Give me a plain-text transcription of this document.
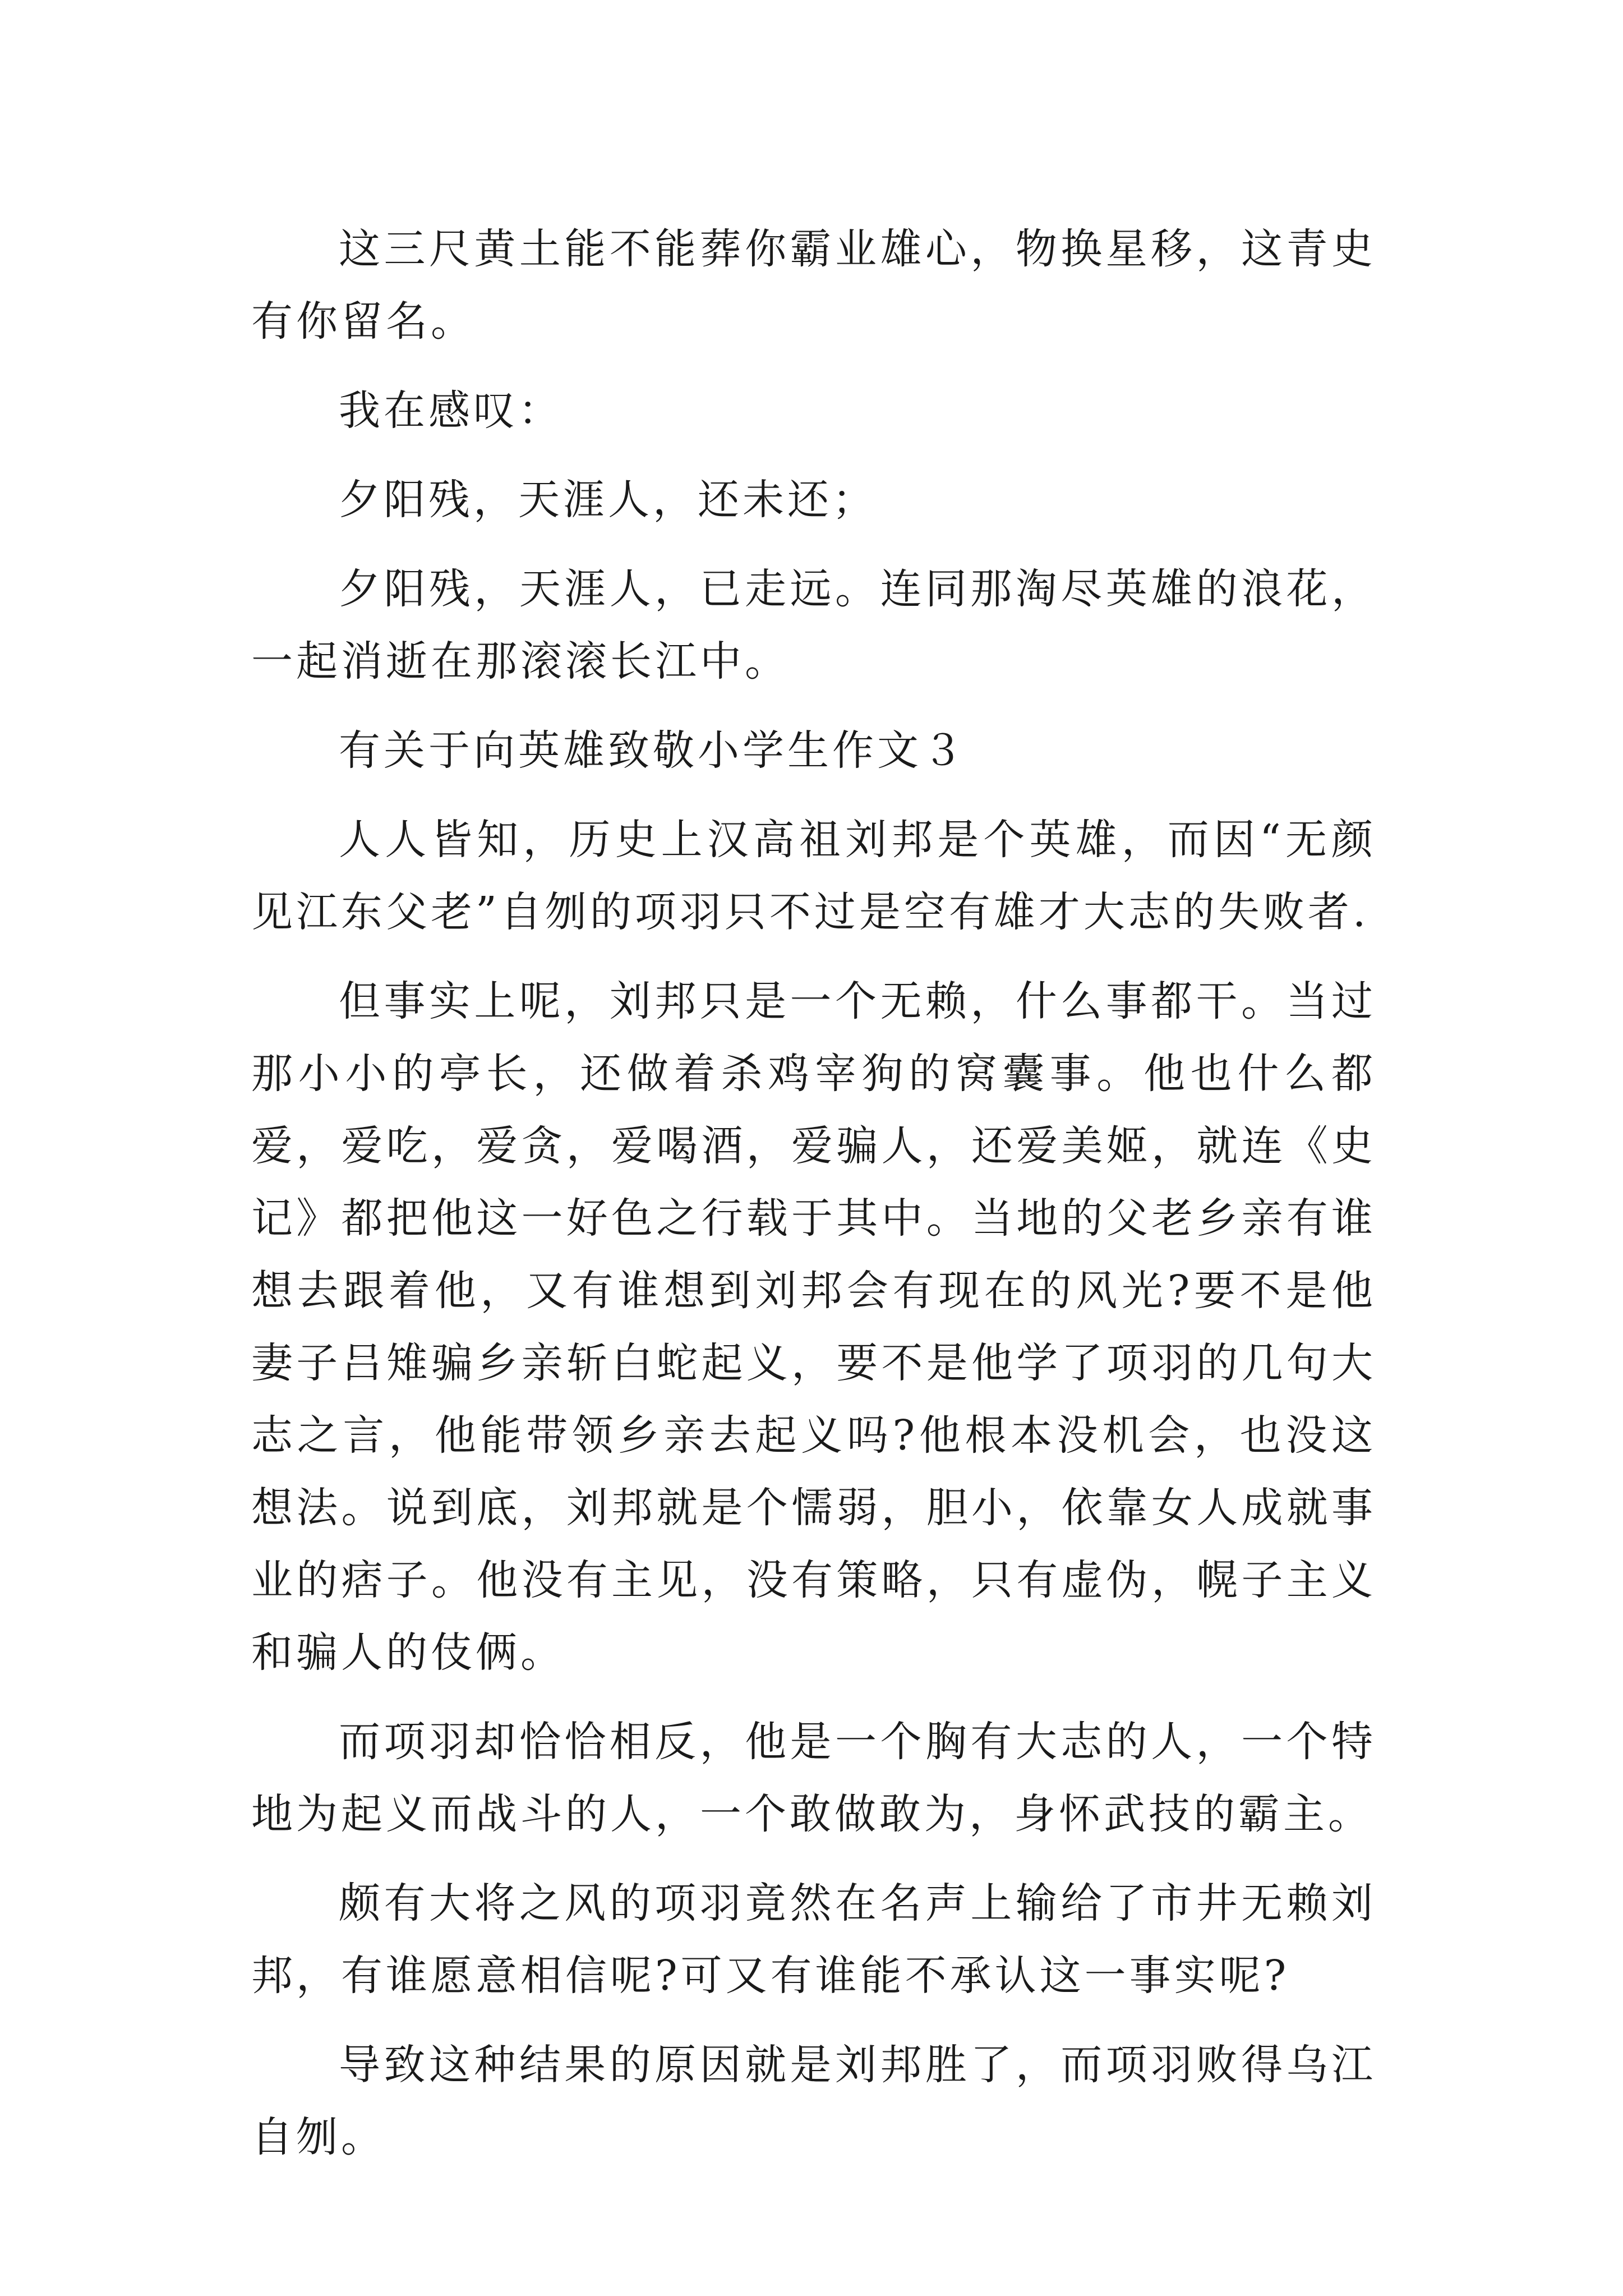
这三尺黄土能不能葬你霸业雄心，物换星移，这青史有你留名。

我在感叹：

夕阳残，天涯人，还未还；

夕阳残，天涯人，已走远。连同那淘尽英雄的浪花，一起消逝在那滚滚长江中。

有关于向英雄致敬小学生作文３

人人皆知，历史上汉高祖刘邦是个英雄，而因“无颜见江东父老”自刎的项羽只不过是空有雄才大志的失败者.

但事实上呢，刘邦只是一个无赖，什么事都干。当过那小小的亭长，还做着杀鸡宰狗的窝囊事。他也什么都爱，爱吃，爱贪，爱喝酒，爱骗人，还爱美姬，就连《史记》都把他这一好色之行载于其中。当地的父老乡亲有谁想去跟着他，又有谁想到刘邦会有现在的风光?要不是他妻子吕雉骗乡亲斩白蛇起义，要不是他学了项羽的几句大志之言，他能带领乡亲去起义吗?他根本没机会，也没这想法。说到底，刘邦就是个懦弱，胆小，依靠女人成就事业的痞子。他没有主见，没有策略，只有虚伪，幌子主义和骗人的伎俩。

而项羽却恰恰相反，他是一个胸有大志的人，一个特地为起义而战斗的人，一个敢做敢为，身怀武技的霸主。

颇有大将之风的项羽竟然在名声上输给了市井无赖刘邦，有谁愿意相信呢?可又有谁能不承认这一事实呢?

导致这种结果的原因就是刘邦胜了，而项羽败得乌江自刎。
